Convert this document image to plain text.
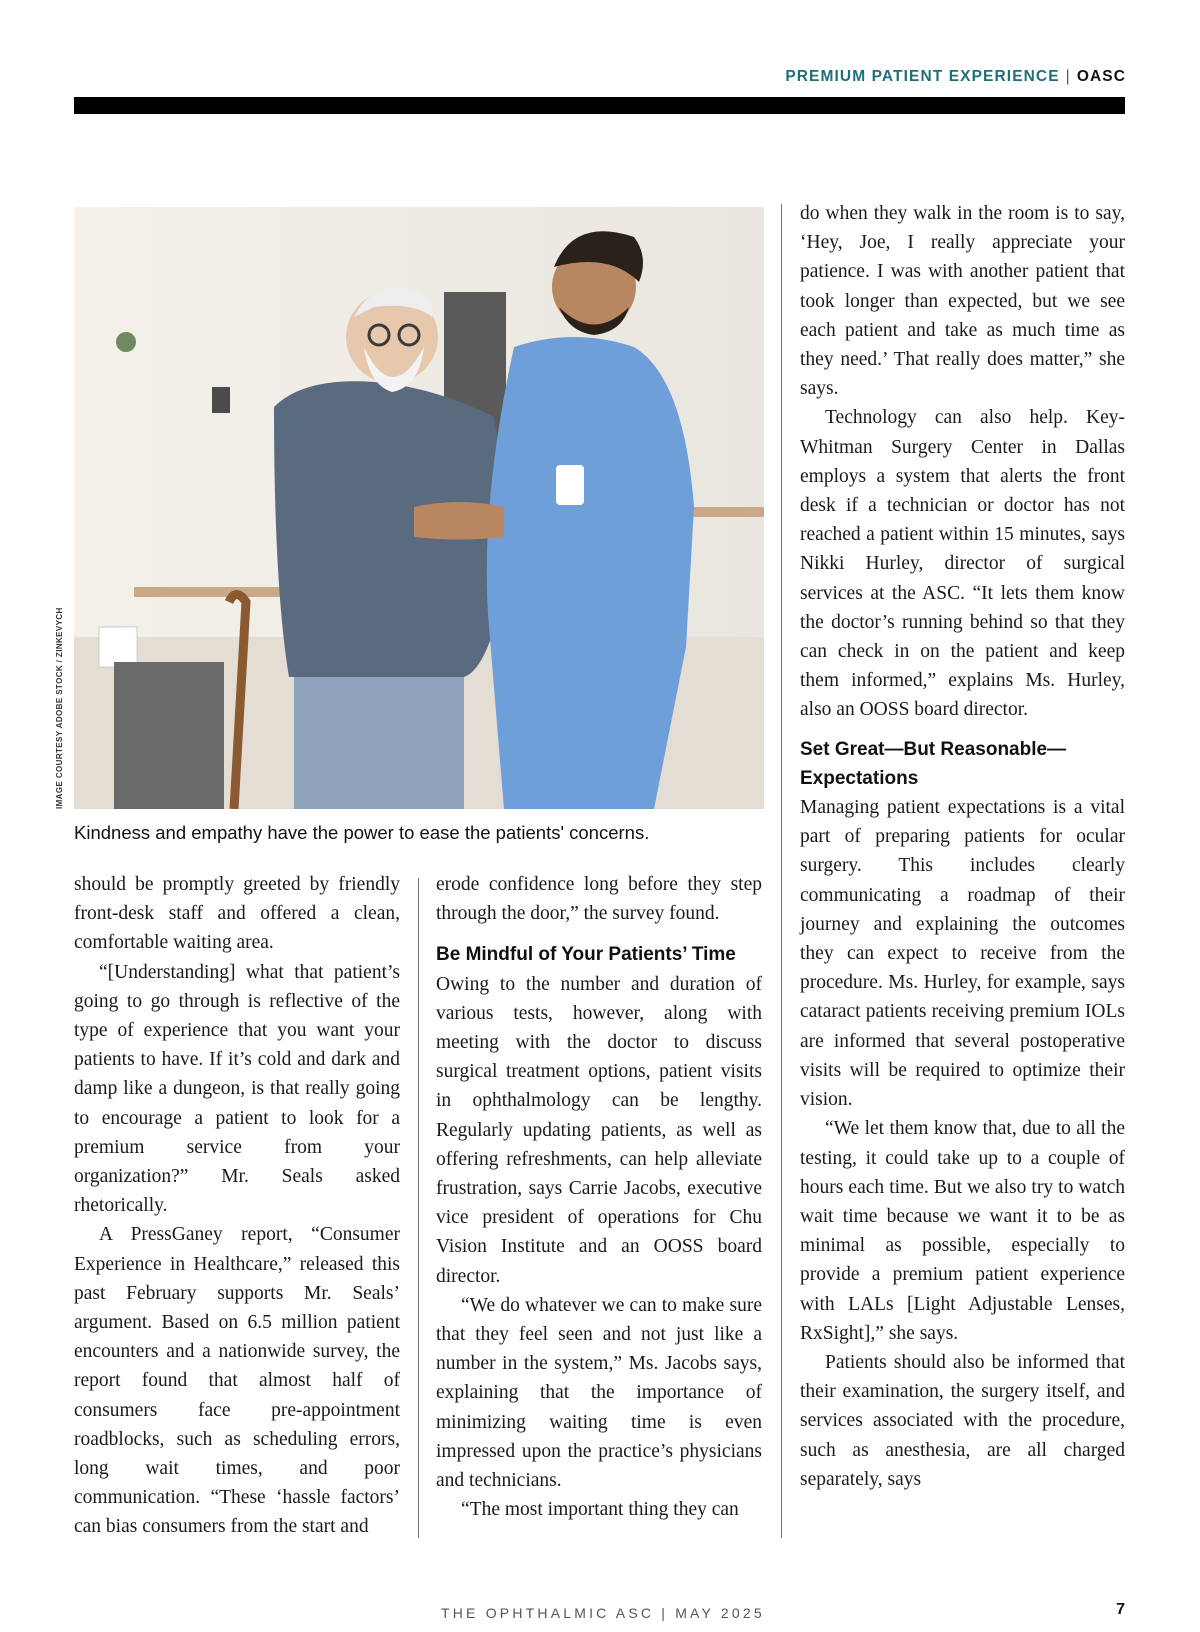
PREMIUM PATIENT EXPERIENCE | OASC
IMAGE COURTESY ADOBE STOCK / ZINKEVYCH
Kindness and empathy have the power to ease the patients' concerns.

should be promptly greeted by friendly front-desk staff and offered a clean, comfortable waiting area.

“[Understanding] what that patient’s going to go through is reflective of the type of experience that you want your patients to have. If it’s cold and dark and damp like a dungeon, is that really going to encourage a patient to look for a premium service from your organization?” Mr. Seals asked rhetorically.

A PressGaney report, “Consumer Experience in Healthcare,” released this past February supports Mr. Seals’ argument. Based on 6.5 million patient encounters and a nationwide survey, the report found that almost half of consumers face pre-appointment roadblocks, such as scheduling errors, long wait times, and poor communication. “These ‘hassle factors’ can bias consumers from the start and

erode confidence long before they step through the door,” the survey found.

Be Mindful of Your Patients’ Time

Owing to the number and duration of various tests, however, along with meeting with the doctor to discuss surgical treatment options, patient visits in ophthalmology can be lengthy. Regularly updating patients, as well as offering refreshments, can help alleviate frustration, says Carrie Jacobs, executive vice president of operations for Chu Vision Institute and an OOSS board director.

“We do whatever we can to make sure that they feel seen and not just like a number in the system,” Ms. Jacobs says, explaining that the importance of minimizing waiting time is even impressed upon the practice’s physicians and technicians.

“The most important thing they can

do when they walk in the room is to say, ‘Hey, Joe, I really appreciate your patience. I was with another patient that took longer than expected, but we see each patient and take as much time as they need.’ That really does matter,” she says.

Technology can also help. Key-Whitman Surgery Center in Dallas employs a system that alerts the front desk if a technician or doctor has not reached a patient within 15 minutes, says Nikki Hurley, director of surgical services at the ASC. “It lets them know the doctor’s running behind so that they can check in on the patient and keep them informed,” explains Ms. Hurley, also an OOSS board director.

Set Great—But Reasonable—Expectations

Managing patient expectations is a vital part of preparing patients for ocular surgery. This includes clearly communicating a roadmap of their journey and explaining the outcomes they can expect to receive from the procedure. Ms. Hurley, for example, says cataract patients receiving premium IOLs are informed that several postoperative visits will be required to optimize their vision.

“We let them know that, due to all the testing, it could take up to a couple of hours each time. But we also try to watch wait time because we want it to be as minimal as possible, especially to provide a premium patient experience with LALs [Light Adjustable Lenses, RxSight],” she says.

Patients should also be informed that their examination, the surgery itself, and services associated with the procedure, such as anesthesia, are all charged separately, says

THE OPHTHALMIC ASC | MAY 2025	7
